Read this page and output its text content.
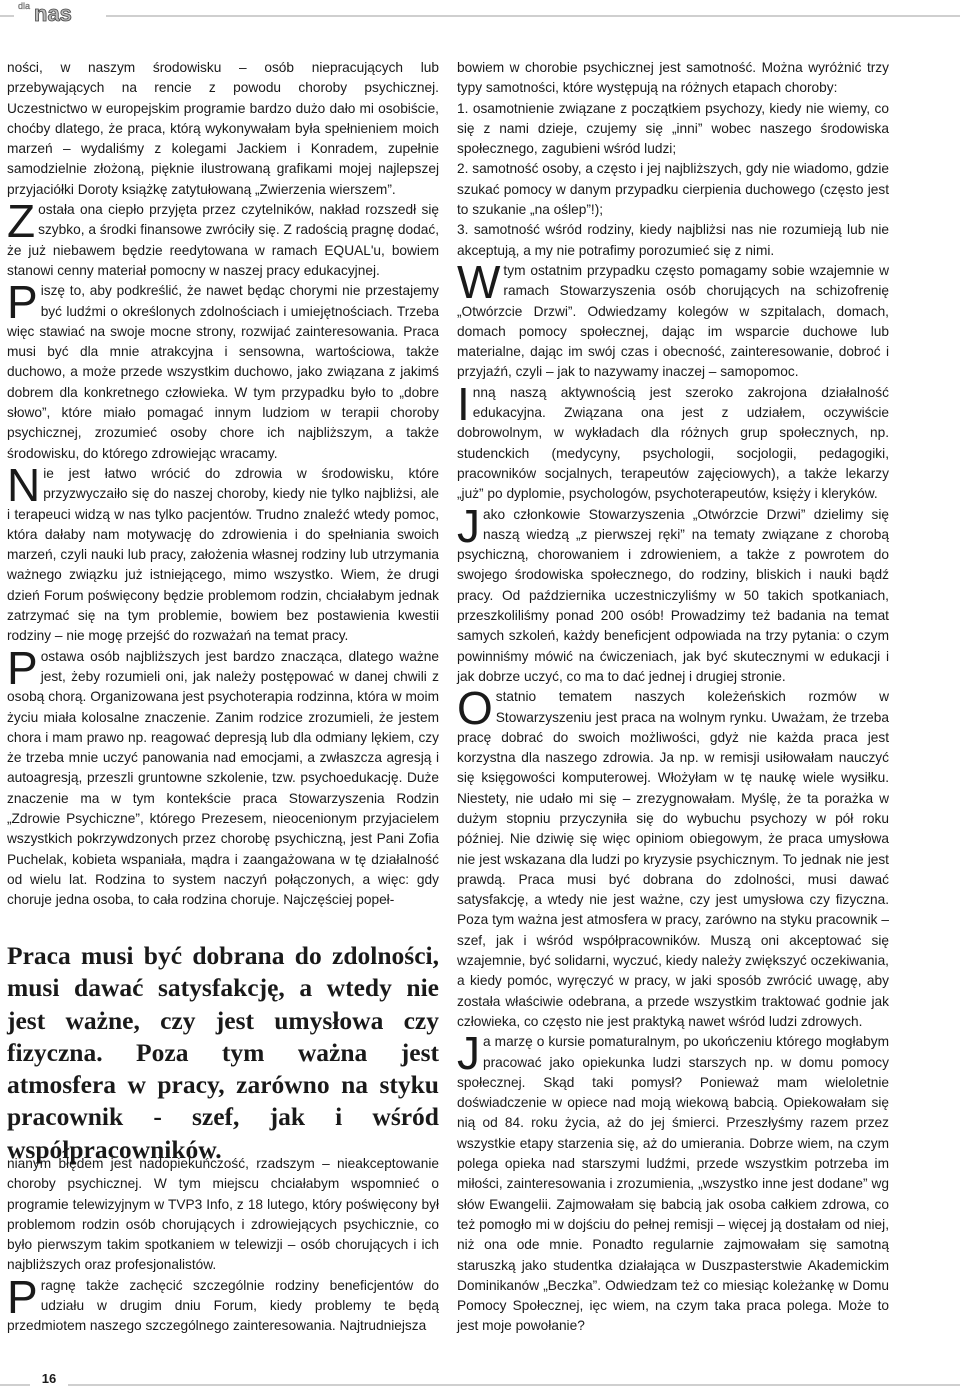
dla nas

ności, w naszym środowisku – osób niepracujących lub przebywających na rencie z powodu choroby psychicznej. Uczestnictwo w europejskim programie bardzo dużo dało mi osobiście, choćby dlatego, że praca, którą wykonywałam była spełnieniem moich marzeń – wydaliśmy z kolegami Jackiem i Konradem, zupełnie samodzielnie złożoną, pięknie ilustrowaną grafikami mojej najlepszej przyjaciółki Doroty książkę zatytułowaną „Zwierzenia wierszem”.

Została ona ciepło przyjęta przez czytelników, nakład rozszedł się szybko, a środki finansowe zwróciły się. Z radością pragnę dodać, że już niebawem będzie reedytowana w ramach EQUAL'u, bowiem stanowi cenny materiał pomocny w naszej pracy edukacyjnej.

Piszę to, aby podkreślić, że nawet będąc chorymi nie przestajemy być ludźmi o określonych zdolnościach i umiejętnościach. Trzeba więc stawiać na swoje mocne strony, rozwijać zainteresowania. Praca musi być dla mnie atrakcyjna i sensowna, wartościowa, także duchowo, a może przede wszystkim duchowo, jako związana z jakimś dobrem dla konkretnego człowieka. W tym przypadku było to „dobre słowo”, które miało pomagać innym ludziom w terapii choroby psychicznej, zrozumieć osoby chore ich najbliższym, a także środowisku, do którego zdrowiejąc wracamy.

Nie jest łatwo wrócić do zdrowia w środowisku, które przyzwyczaiło się do naszej choroby, kiedy nie tylko najbliżsi, ale i terapeuci widzą w nas tylko pacjentów. Trudno znaleźć wtedy pomoc, która dałaby nam motywację do zdrowienia i do spełniania swoich marzeń, czyli nauki lub pracy, założenia własnej rodziny lub utrzymania ważnego związku już istniejącego, mimo wszystko. Wiem, że drugi dzień Forum poświęcony będzie problemom rodzin, chciałabym jednak zatrzymać się na tym problemie, bowiem bez postawienia kwestii rodziny – nie mogę przejść do rozważań na temat pracy.

Postawa osób najbliższych jest bardzo znacząca, dlatego ważne jest, żeby rozumieli oni, jak należy postępować w danej chwili z osobą chorą. Organizowana jest psychoterapia rodzinna, która w moim życiu miała kolosalne znaczenie. Zanim rodzice zrozumieli, że jestem chora i mam prawo np. reagować depresją lub dla odmiany lękiem, czy że trzeba mnie uczyć panowania nad emocjami, a zwłaszcza agresją i autoagresją, przeszli gruntowne szkolenie, tzw. psychoedukację. Duże znaczenie ma w tym kontekście praca Stowarzyszenia Rodzin „Zdrowie Psychiczne”, którego Prezesem, nieocenionym przyjacielem wszystkich pokrzywdzonych przez chorobę psychiczną, jest Pani Zofia Puchelak, kobieta wspaniała, mądra i zaangażowana w tę działalność od wielu lat. Rodzina to system naczyń połączonych, a więc: gdy choruje jedna osoba, to cała rodzina choruje. Najczęściej popeł-

Praca musi być dobrana do zdolności, musi dawać satysfakcję, a wtedy nie jest ważne, czy jest umysłowa czy fizyczna. Poza tym ważna jest atmosfera w pracy, zarówno na styku pracownik - szef, jak i wśród współpracowników.

nianym błędem jest nadopiekuńczość, rzadszym – nieakceptowanie choroby psychicznej. W tym miejscu chciałabym wspomnieć o programie telewizyjnym w TVP3 Info, z 18 lutego, który poświęcony był problemom rodzin osób chorujących i zdrowiejących psychicznie, co było pierwszym takim spotkaniem w telewizji – osób chorujących i ich najbliższych oraz profesjonalistów.

Pragnę także zachęcić szczególnie rodziny beneficjentów do udziału w drugim dniu Forum, kiedy problemy te będą przedmiotem naszego szczególnego zainteresowania. Najtrudniejsza

bowiem w chorobie psychicznej jest samotność. Można wyróżnić trzy typy samotności, które występują na różnych etapach choroby:

1. osamotnienie związane z początkiem psychozy, kiedy nie wiemy, co się z nami dzieje, czujemy się „inni” wobec naszego środowiska społecznego, zagubieni wśród ludzi;

2. samotność osoby, a często i jej najbliższych, gdy nie wiadomo, gdzie szukać pomocy w danym przypadku cierpienia duchowego (często jest to szukanie „na oślep”!);

3. samotność wśród rodziny, kiedy najbliżsi nas nie rozumieją lub nie akceptują, a my nie potrafimy porozumieć się z nimi.

Wtym ostatnim przypadku często pomagamy sobie wzajemnie w ramach Stowarzyszenia osób chorujących na schizofrenię „Otwórzcie Drzwi”. Odwiedzamy kolegów w szpitalach, domach, domach pomocy społecznej, dając im wsparcie duchowe lub materialne, dając im swój czas i obecność, zainteresowanie, dobroć i przyjaźń, czyli – jak to nazywamy inaczej – samopomoc.

Inną naszą aktywnością jest szeroko zakrojona działalność edukacyjna. Związana ona jest z udziałem, oczywiście dobrowolnym, w wykładach dla różnych grup społecznych, np. studenckich (medycyny, psychologii, socjologii, pedagogiki, pracowników socjalnych, terapeutów zajęciowych), a także lekarzy „już” po dyplomie, psychologów, psychoterapeutów, księży i kleryków.

Jako członkowie Stowarzyszenia „Otwórzcie Drzwi” dzielimy się naszą wiedzą „z pierwszej ręki” na tematy związane z chorobą psychiczną, chorowaniem i zdrowieniem, a także z powrotem do swojego środowiska społecznego, do rodziny, bliskich i nauki bądź pracy. Od października uczestniczyliśmy w 50 takich spotkaniach, przeszkoliliśmy ponad 200 osób! Prowadzimy też badania na temat samych szkoleń, każdy beneficjent odpowiada na trzy pytania: o czym powinniśmy mówić na ćwiczeniach, jak być skutecznymi w edukacji i jak dobrze uczyć, co ma to dać jednej i drugiej stronie.

Ostatnio tematem naszych koleżeńskich rozmów w Stowarzyszeniu jest praca na wolnym rynku. Uważam, że trzeba pracę dobrać do swoich możliwości, gdyż nie każda praca jest korzystna dla naszego zdrowia. Ja np. w remisji usiłowałam nauczyć się księgowości komputerowej. Włożyłam w tę naukę wiele wysiłku. Niestety, nie udało mi się – zrezygnowałam. Myślę, że ta porażka w dużym stopniu przyczyniła się do wybuchu psychozy w pół roku później. Nie dziwię się więc opiniom obiegowym, że praca umysłowa nie jest wskazana dla ludzi po kryzysie psychicznym. To jednak nie jest prawdą. Praca musi być dobrana do zdolności, musi dawać satysfakcję, a wtedy nie jest ważne, czy jest umysłowa czy fizyczna. Poza tym ważna jest atmosfera w pracy, zarówno na styku pracownik – szef, jak i wśród współpracowników. Muszą oni akceptować się wzajemnie, być solidarni, wyczuć, kiedy należy zwiększyć oczekiwania, a kiedy pomóc, wyręczyć w pracy, w jaki sposób zwrócić uwagę, aby została właściwie odebrana, a przede wszystkim traktować godnie jak człowieka, co często nie jest praktyką nawet wśród ludzi zdrowych.

Ja marzę o kursie pomaturalnym, po ukończeniu którego mogłabym pracować jako opiekunka ludzi starszych np. w domu pomocy społecznej. Skąd taki pomysł? Ponieważ mam wieloletnie doświadczenie w opiece nad moją wiekową babcią. Opiekowałam się nią od 84. roku życia, aż do jej śmierci. Przeszłyśmy razem przez wszystkie etapy starzenia się, aż do umierania. Dobrze wiem, na czym polega opieka nad starszymi ludźmi, przede wszystkim potrzeba im miłości, zainteresowania i zrozumienia, „wszystko inne jest dodane” wg słów Ewangelii. Zajmowałam się babcią jak osoba całkiem zdrowa, co też pomogło mi w dojściu do pełnej remisji – więcej ją dostałam od niej, niż ona ode mnie. Ponadto regularnie zajmowałam się samotną staruszką jako studentka działająca w Duszpasterstwie Akademickim Dominikanów „Beczka”. Odwiedzam też co miesiąc koleżankę w Domu Pomocy Społecznej, ięc wiem, na czym taka praca polega. Może to jest moje powołanie?

16
